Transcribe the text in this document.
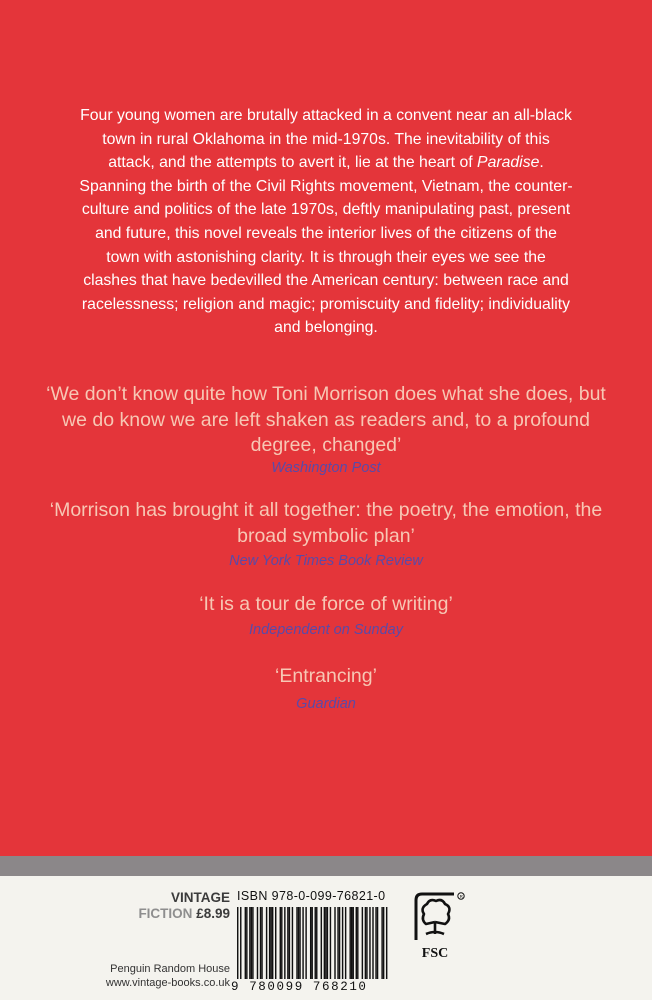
Four young women are brutally attacked in a convent near an all-black town in rural Oklahoma in the mid-1970s. The inevitability of this attack, and the attempts to avert it, lie at the heart of Paradise. Spanning the birth of the Civil Rights movement, Vietnam, the counter-culture and politics of the late 1970s, deftly manipulating past, present and future, this novel reveals the interior lives of the citizens of the town with astonishing clarity. It is through their eyes we see the clashes that have bedevilled the American century: between race and racelessness; religion and magic; promiscuity and fidelity; individuality and belonging.

‘We don’t know quite how Toni Morrison does what she does, but we do know we are left shaken as readers and, to a profound degree, changed’

Washington Post

‘Morrison has brought it all together: the poetry, the emotion, the broad symbolic plan’

New York Times Book Review

‘It is a tour de force of writing’

Independent on Sunday

‘Entrancing’

Guardian

VINTAGE
FICTION £8.99
Penguin Random House
www.vintage-books.co.uk
ISBN 978-0-099-76821-0
9 780099 768210
R
FSC
